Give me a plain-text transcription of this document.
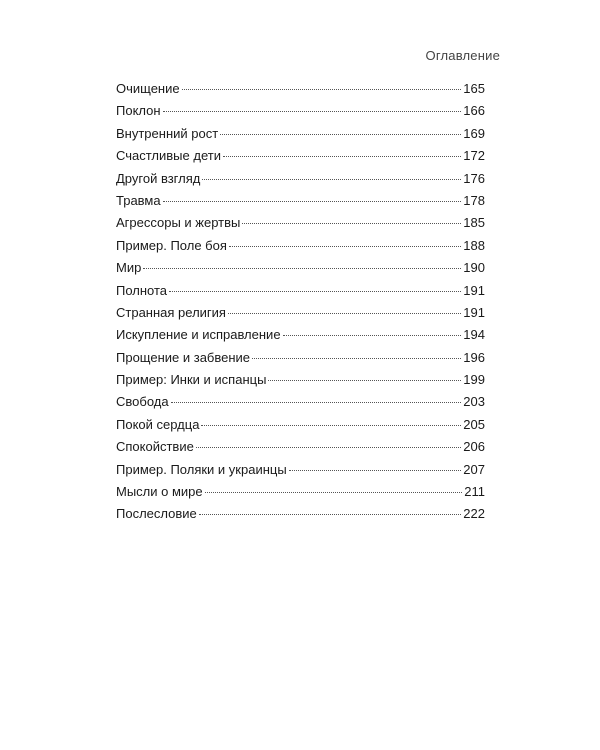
Оглавление
Очищение	165
Поклон	166
Внутренний рост	169
Счастливые дети	172
Другой взгляд	176
Травма	178
Агрессоры и жертвы	185
Пример. Поле боя	188
Мир	190
Полнота	191
Странная религия	191
Искупление и исправление	194
Прощение и забвение	196
Пример: Инки и испанцы	199
Свобода	203
Покой сердца	205
Спокойствие	206
Пример. Поляки и украинцы	207
Мысли о мире	211
Послесловие	222
